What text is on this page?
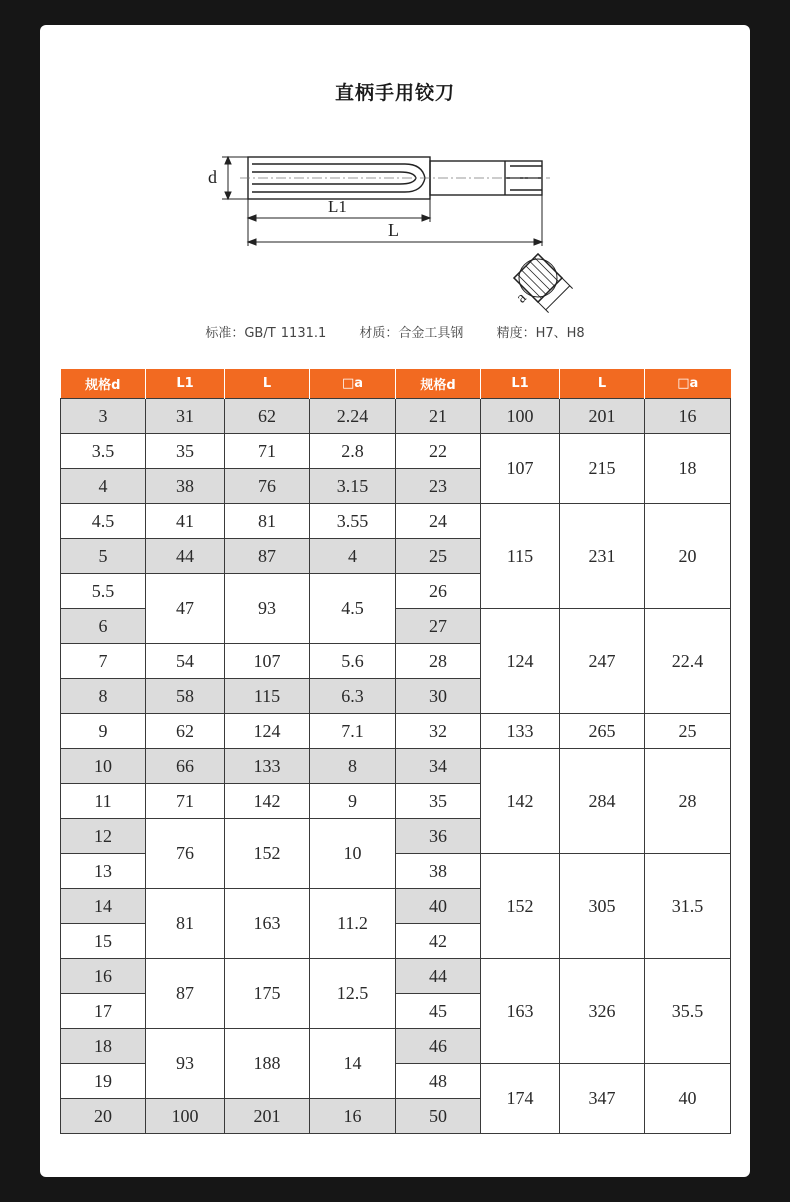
直柄手用铰刀
d
L1
L
a
标准：GB/T 1131.1	材质：合金工具钢	精度：H7、H8
规格d	L1	L	□a	规格d	L1	L	□a
3	31	62	2.24	21	100	201	16
3.5	35	71	2.8	22	107	215	18
4	38	76	3.15	23			
4.5	41	81	3.55	24	115	231	20
5	44	87	4	25			
5.5	47	93	4.5	26			
6				27	124	247	22.4
7	54	107	5.6	28			
8	58	115	6.3	30			
9	62	124	7.1	32	133	265	25
10	66	133	8	34	142	284	28
11	71	142	9	35			
12	76	152	10	36			
13				38	152	305	31.5
14	81	163	11.2	40			
15				42			
16	87	175	12.5	44	163	326	35.5
17				45			
18	93	188	14	46			
19				48	174	347	40
20	100	201	16	50			
